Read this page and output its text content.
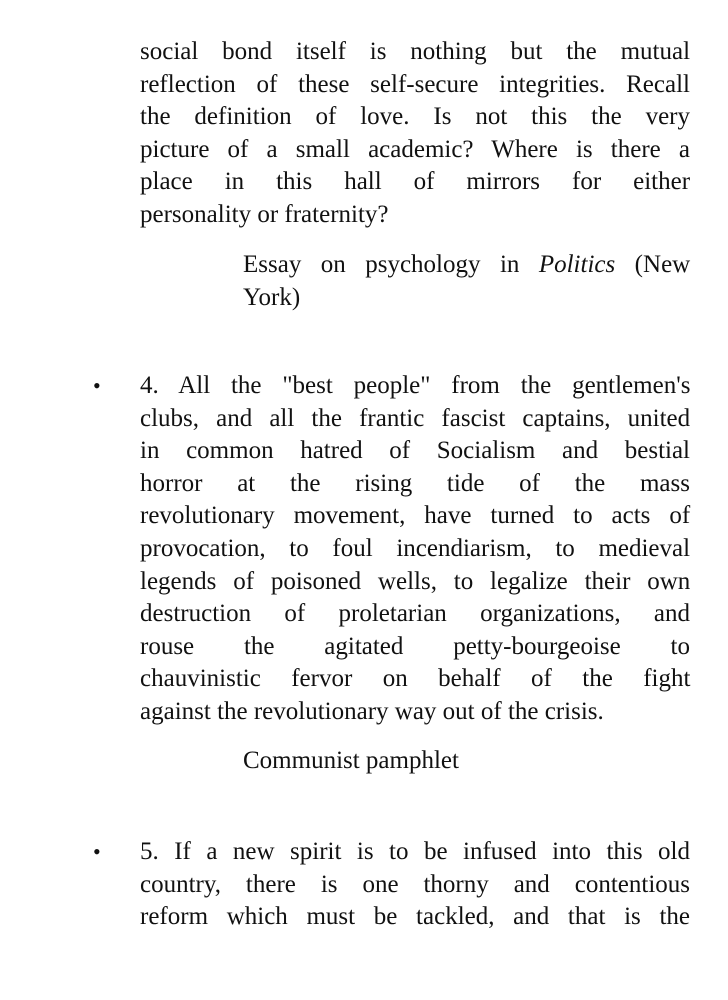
social bond itself is nothing but the mutual
reflection of these self-secure integrities. Recall
the definition of love. Is not this the very
picture of a small academic? Where is there a
place in this hall of mirrors for either
personality or fraternity?
Essay on psychology in Politics (New
York)
• 4. All the "best people" from the gentlemen's
clubs, and all the frantic fascist captains, united
in common hatred of Socialism and bestial
horror at the rising tide of the mass
revolutionary movement, have turned to acts of
provocation, to foul incendiarism, to medieval
legends of poisoned wells, to legalize their own
destruction of proletarian organizations, and
rouse the agitated petty-bourgeoise to
chauvinistic fervor on behalf of the fight
against the revolutionary way out of the crisis.
Communist pamphlet
• 5. If a new spirit is to be infused into this old
country, there is one thorny and contentious
reform which must be tackled, and that is the
